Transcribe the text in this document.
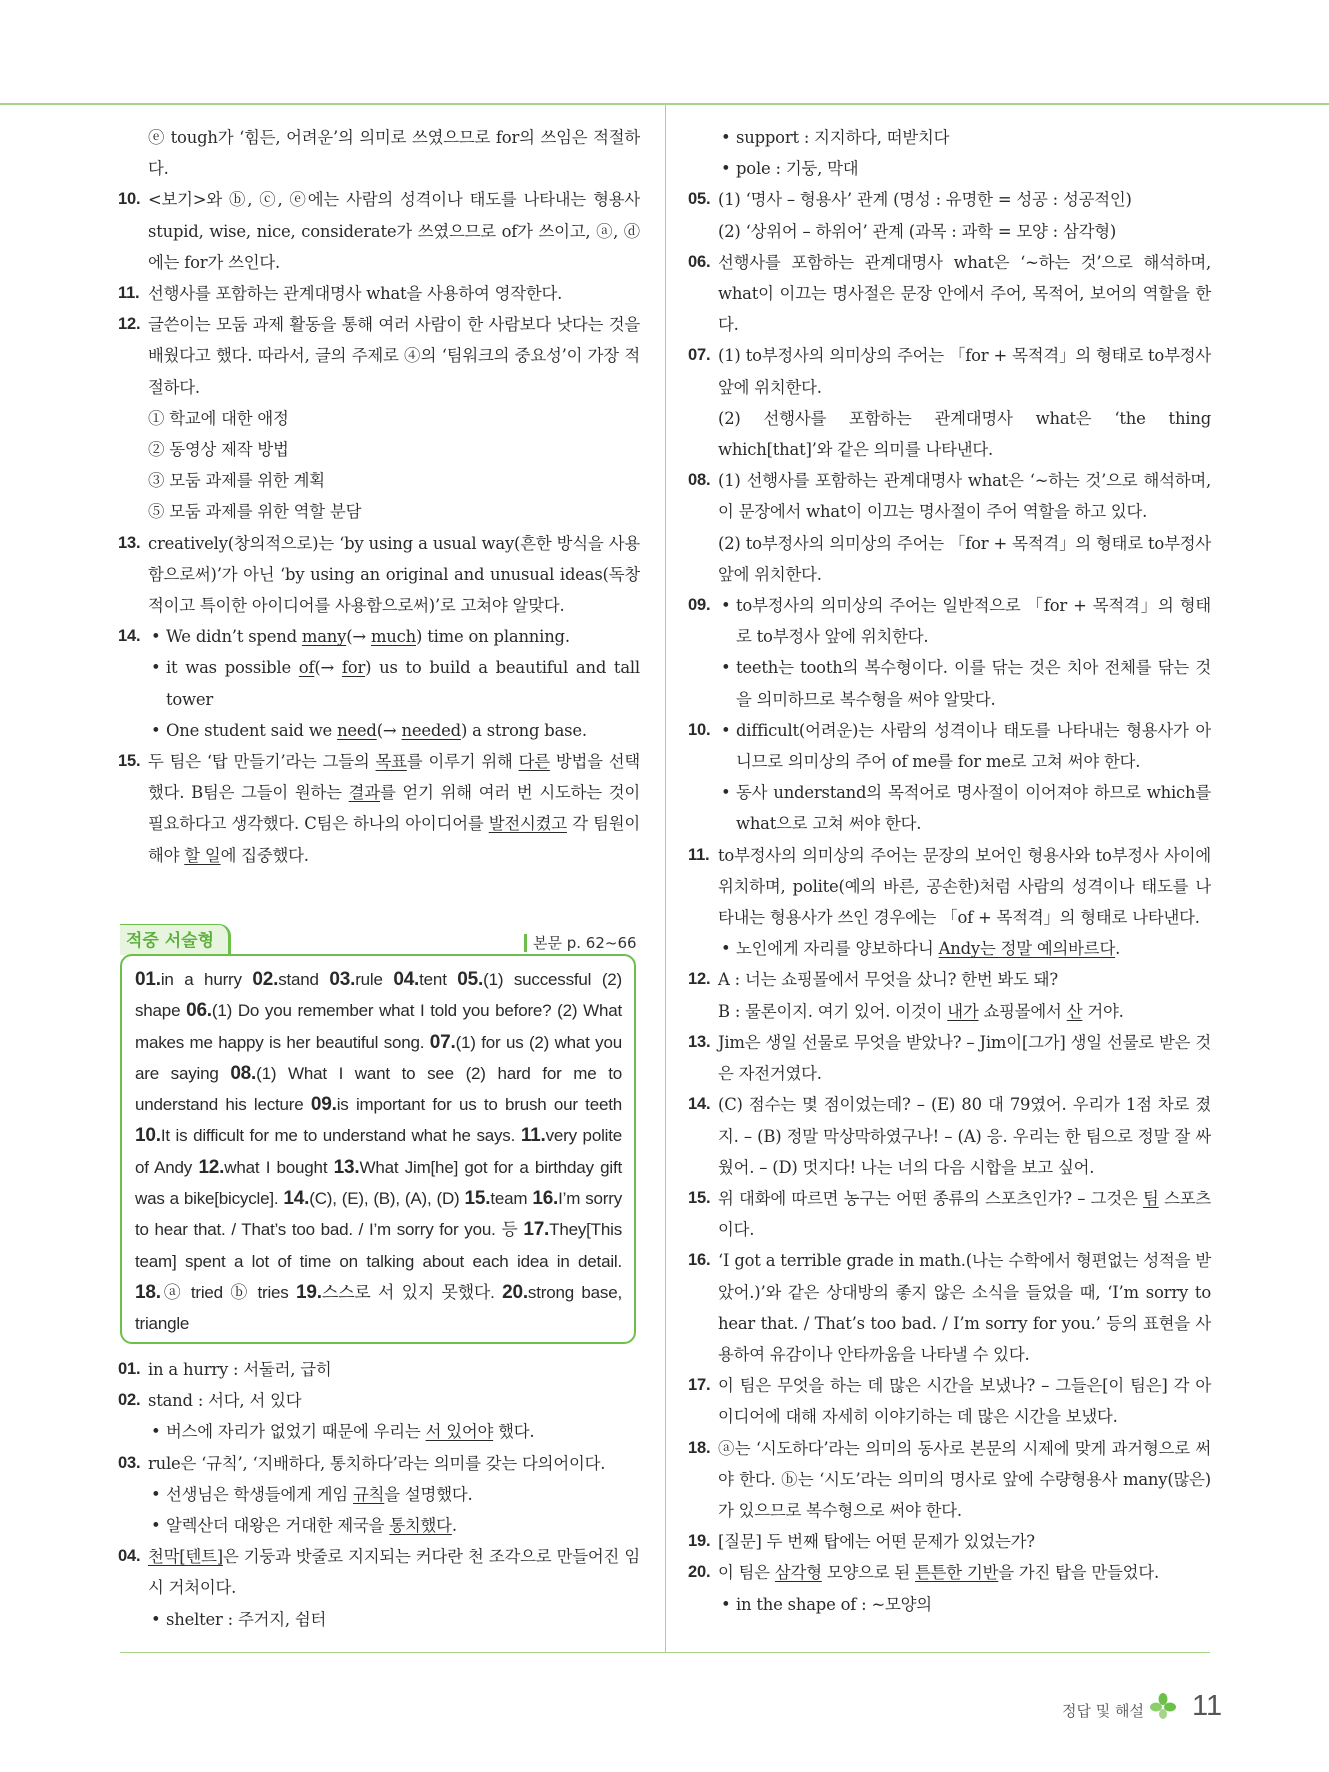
ⓔ tough가 ‘힘든, 어려운’의 의미로 쓰였으므로 for의 쓰임은 적절하다.
10. <보기>와 ⓑ, ⓒ, ⓔ에는 사람의 성격이나 태도를 나타내는 형용사 stupid, wise, nice, considerate가 쓰였으므로 of가 쓰이고, ⓐ, ⓓ에는 for가 쓰인다.
11. 선행사를 포함하는 관계대명사 what을 사용하여 영작한다.
12. 글쓴이는 모둠 과제 활동을 통해 여러 사람이 한 사람보다 낫다는 것을 배웠다고 했다. 따라서, 글의 주제로 ④의 ‘팀워크의 중요성’이 가장 적절하다.
① 학교에 대한 애정
② 동영상 제작 방법
③ 모둠 과제를 위한 계획
⑤ 모둠 과제를 위한 역할 분담
13. creatively(창의적으로)는 ‘by using a usual way(흔한 방식을 사용함으로써)’가 아닌 ‘by using an original and unusual ideas(독창적이고 특이한 아이디어를 사용함으로써)’로 고쳐야 알맞다.
14.	• We didn’t spend many(→ much) time on planning.
• it was possible of(→ for) us to build a beautiful and tall tower
• One student said we need(→ needed) a strong base.
15. 두 팀은 ‘탑 만들기’라는 그들의 목표를 이루기 위해 다른 방법을 선택했다. B팀은 그들이 원하는 결과를 얻기 위해 여러 번 시도하는 것이 필요하다고 생각했다. C팀은 하나의 아이디어를 발전시켰고 각 팀원이 해야 할 일에 집중했다.
적중 서술형	본문 p. 62~66
01.in a hurry 02.stand 03.rule 04.tent 05.(1) successful (2) shape 06.(1) Do you remember what I told you before? (2) What makes me happy is her beautiful song. 07.(1) for us (2) what you are saying 08.(1) What I want to see (2) hard for me to understand his lecture 09.is important for us to brush our teeth 10.It is difficult for me to understand what he says. 11.very polite of Andy 12.what I bought 13.What Jim[he] got for a birthday gift was a bike[bicycle]. 14.(C), (E), (B), (A), (D) 15.team 16.I’m sorry to hear that. / That’s too bad. / I’m sorry for you. 등 17.They[This team] spent a lot of time on talking about each idea in detail. 18.ⓐ tried ⓑ tries 19.스스로 서 있지 못했다. 20.strong base, triangle
01. in a hurry : 서둘러, 급히
02. stand : 서다, 서 있다
• 버스에 자리가 없었기 때문에 우리는 서 있어야 했다.
03. rule은 ‘규칙’, ‘지배하다, 통치하다’라는 의미를 갖는 다의어이다.
• 선생님은 학생들에게 게임 규칙을 설명했다.
• 알렉산더 대왕은 거대한 제국을 통치했다.
04. 천막[텐트]은 기둥과 밧줄로 지지되는 커다란 천 조각으로 만들어진 임시 거처이다.
• shelter : 주거지, 쉼터
• support : 지지하다, 떠받치다
• pole : 기둥, 막대
05. (1) ‘명사 – 형용사’ 관계 (명성 : 유명한 = 성공 : 성공적인)
(2) ‘상위어 – 하위어’ 관계 (과목 : 과학 = 모양 : 삼각형)
06. 선행사를 포함하는 관계대명사 what은 ‘~하는 것’으로 해석하며, what이 이끄는 명사절은 문장 안에서 주어, 목적어, 보어의 역할을 한다.
07. (1) to부정사의 의미상의 주어는 「for + 목적격」의 형태로 to부정사 앞에 위치한다.
(2) 선행사를 포함하는 관계대명사 what은 ‘the thing which[that]’와 같은 의미를 나타낸다.
08. (1) 선행사를 포함하는 관계대명사 what은 ‘~하는 것’으로 해석하며, 이 문장에서 what이 이끄는 명사절이 주어 역할을 하고 있다.
(2) to부정사의 의미상의 주어는 「for + 목적격」의 형태로 to부정사 앞에 위치한다.
09.	• to부정사의 의미상의 주어는 일반적으로 「for + 목적격」의 형태로 to부정사 앞에 위치한다.
• teeth는 tooth의 복수형이다. 이를 닦는 것은 치아 전체를 닦는 것을 의미하므로 복수형을 써야 알맞다.
10.	• difficult(어려운)는 사람의 성격이나 태도를 나타내는 형용사가 아니므로 의미상의 주어 of me를 for me로 고쳐 써야 한다.
• 동사 understand의 목적어로 명사절이 이어져야 하므로 which를 what으로 고쳐 써야 한다.
11. to부정사의 의미상의 주어는 문장의 보어인 형용사와 to부정사 사이에 위치하며, polite(예의 바른, 공손한)처럼 사람의 성격이나 태도를 나타내는 형용사가 쓰인 경우에는 「of + 목적격」의 형태로 나타낸다.
• 노인에게 자리를 양보하다니 Andy는 정말 예의바르다.
12. A : 너는 쇼핑몰에서 무엇을 샀니? 한번 봐도 돼?
B : 물론이지. 여기 있어. 이것이 내가 쇼핑몰에서 산 거야.
13. Jim은 생일 선물로 무엇을 받았나? – Jim이[그가] 생일 선물로 받은 것은 자전거였다.
14. (C) 점수는 몇 점이었는데? – (E) 80 대 79였어. 우리가 1점 차로 졌지. – (B) 정말 막상막하였구나! – (A) 응. 우리는 한 팀으로 정말 잘 싸웠어. – (D) 멋지다! 나는 너의 다음 시합을 보고 싶어.
15. 위 대화에 따르면 농구는 어떤 종류의 스포츠인가? – 그것은 팀 스포츠이다.
16. ‘I got a terrible grade in math.(나는 수학에서 형편없는 성적을 받았어.)’와 같은 상대방의 좋지 않은 소식을 들었을 때, ‘I’m sorry to hear that. / That’s too bad. / I’m sorry for you.’ 등의 표현을 사용하여 유감이나 안타까움을 나타낼 수 있다.
17. 이 팀은 무엇을 하는 데 많은 시간을 보냈나? – 그들은[이 팀은] 각 아이디어에 대해 자세히 이야기하는 데 많은 시간을 보냈다.
18. ⓐ는 ‘시도하다’라는 의미의 동사로 본문의 시제에 맞게 과거형으로 써야 한다. ⓑ는 ‘시도’라는 의미의 명사로 앞에 수량형용사 many(많은)가 있으므로 복수형으로 써야 한다.
19. [질문] 두 번째 탑에는 어떤 문제가 있었는가?
20. 이 팀은 삼각형 모양으로 된 튼튼한 기반을 가진 탑을 만들었다.
• in the shape of : ~모양의
정답 및 해설 11
